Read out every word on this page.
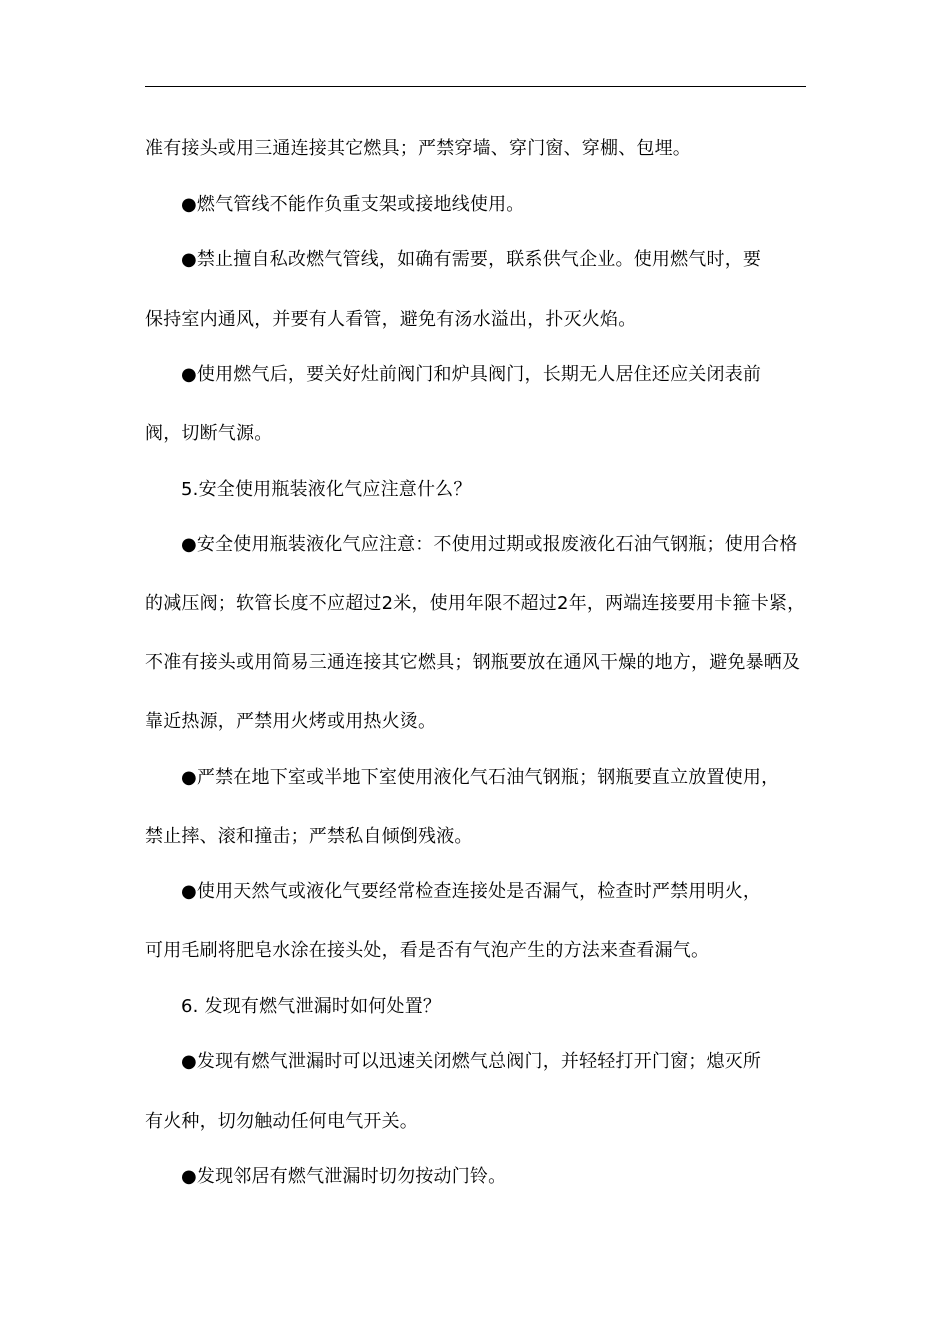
准有接头或用三通连接其它燃具；严禁穿墙、穿门窗、穿棚、包埋。
●燃气管线不能作负重支架或接地线使用。
●禁止擅自私改燃气管线，如确有需要，联系供气企业。使用燃气时，要
保持室内通风，并要有人看管，避免有汤水溢出，扑灭火焰。
●使用燃气后，要关好灶前阀门和炉具阀门，长期无人居住还应关闭表前
阀，切断气源。
5.安全使用瓶装液化气应注意什么？
●安全使用瓶装液化气应注意：不使用过期或报废液化石油气钢瓶；使用合格
的减压阀；软管长度不应超过2米，使用年限不超过2年，两端连接要用卡箍卡紧，
不准有接头或用简易三通连接其它燃具；钢瓶要放在通风干燥的地方，避免暴晒及
靠近热源，严禁用火烤或用热火烫。
●严禁在地下室或半地下室使用液化气石油气钢瓶；钢瓶要直立放置使用，
禁止摔、滚和撞击；严禁私自倾倒残液。
●使用天然气或液化气要经常检查连接处是否漏气，检查时严禁用明火，
可用毛刷将肥皂水涂在接头处，看是否有气泡产生的方法来查看漏气。
6. 发现有燃气泄漏时如何处置？
●发现有燃气泄漏时可以迅速关闭燃气总阀门，并轻轻打开门窗；熄灭所
有火种，切勿触动任何电气开关。
●发现邻居有燃气泄漏时切勿按动门铃。
